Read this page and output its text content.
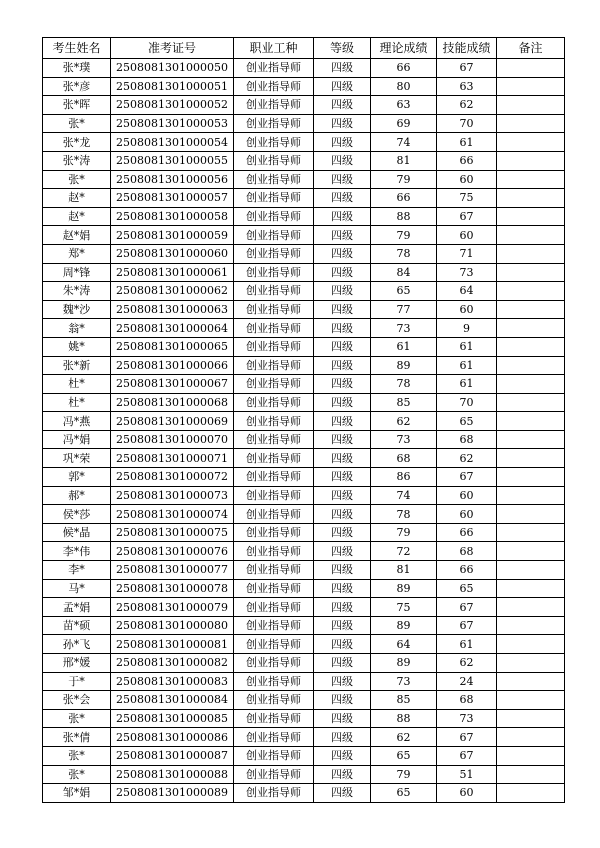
考生姓名	准考证号	职业工种	等级	理论成绩	技能成绩	备注
张*璞	2508081301000050	创业指导师	四级	66	67	
张*彦	2508081301000051	创业指导师	四级	80	63	
张*晖	2508081301000052	创业指导师	四级	63	62	
张*	2508081301000053	创业指导师	四级	69	70	
张*龙	2508081301000054	创业指导师	四级	74	61	
张*涛	2508081301000055	创业指导师	四级	81	66	
张*	2508081301000056	创业指导师	四级	79	60	
赵*	2508081301000057	创业指导师	四级	66	75	
赵*	2508081301000058	创业指导师	四级	88	67	
赵*娟	2508081301000059	创业指导师	四级	79	60	
郑*	2508081301000060	创业指导师	四级	78	71	
周*锋	2508081301000061	创业指导师	四级	84	73	
朱*涛	2508081301000062	创业指导师	四级	65	64	
魏*沙	2508081301000063	创业指导师	四级	77	60	
翁*	2508081301000064	创业指导师	四级	73	9	
姚*	2508081301000065	创业指导师	四级	61	61	
张*新	2508081301000066	创业指导师	四级	89	61	
杜*	2508081301000067	创业指导师	四级	78	61	
杜*	2508081301000068	创业指导师	四级	85	70	
冯*燕	2508081301000069	创业指导师	四级	62	65	
冯*娟	2508081301000070	创业指导师	四级	73	68	
巩*荣	2508081301000071	创业指导师	四级	68	62	
郭*	2508081301000072	创业指导师	四级	86	67	
郝*	2508081301000073	创业指导师	四级	74	60	
侯*莎	2508081301000074	创业指导师	四级	78	60	
候*晶	2508081301000075	创业指导师	四级	79	66	
李*伟	2508081301000076	创业指导师	四级	72	68	
李*	2508081301000077	创业指导师	四级	81	66	
马*	2508081301000078	创业指导师	四级	89	65	
孟*娟	2508081301000079	创业指导师	四级	75	67	
苗*硕	2508081301000080	创业指导师	四级	89	67	
孙*飞	2508081301000081	创业指导师	四级	64	61	
邢*媛	2508081301000082	创业指导师	四级	89	62	
于*	2508081301000083	创业指导师	四级	73	24	
张*会	2508081301000084	创业指导师	四级	85	68	
张*	2508081301000085	创业指导师	四级	88	73	
张*倩	2508081301000086	创业指导师	四级	62	67	
张*	2508081301000087	创业指导师	四级	65	67	
张*	2508081301000088	创业指导师	四级	79	51	
邹*娟	2508081301000089	创业指导师	四级	65	60	
